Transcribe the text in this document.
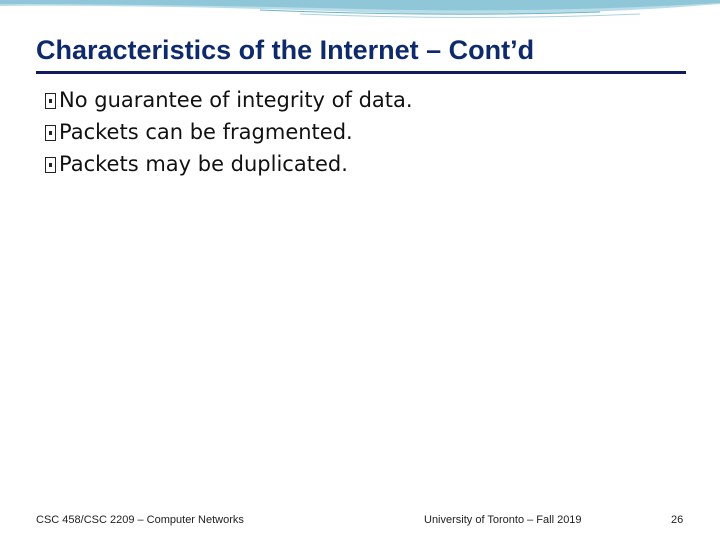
Characteristics of the Internet – Cont’d
No guarantee of integrity of data.
Packets can be fragmented.
Packets may be duplicated.
CSC 458/CSC 2209 – Computer Networks	University of Toronto – Fall 2019	26
